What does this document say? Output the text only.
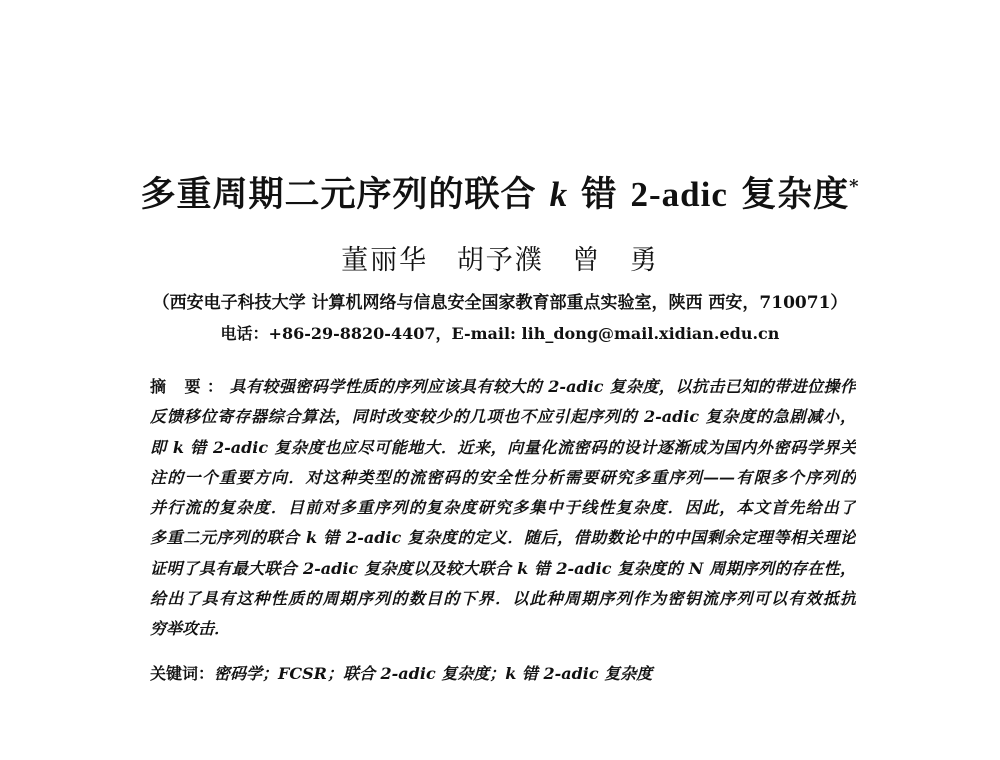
多重周期二元序列的联合 k 错 2-adic 复杂度*
董丽华 胡予濮 曾 勇
（西安电子科技大学 计算机网络与信息安全国家教育部重点实验室，陕西 西安，710071）
电话：+86-29-8820-4407，E-mail: lih_dong@mail.xidian.edu.cn
摘 要：具有较强密码学性质的序列应该具有较大的 2-adic 复杂度，以抗击已知的带进位操作
反馈移位寄存器综合算法，同时改变较少的几项也不应引起序列的 2-adic 复杂度的急剧减小，
即 k 错 2-adic 复杂度也应尽可能地大．近来，向量化流密码的设计逐渐成为国内外密码学界关
注的一个重要方向．对这种类型的流密码的安全性分析需要研究多重序列——有限多个序列的
并行流的复杂度．目前对多重序列的复杂度研究多集中于线性复杂度．因此，本文首先给出了
多重二元序列的联合 k 错 2-adic 复杂度的定义．随后，借助数论中的中国剩余定理等相关理论
证明了具有最大联合 2-adic 复杂度以及较大联合 k 错 2-adic 复杂度的 N 周期序列的存在性，
给出了具有这种性质的周期序列的数目的下界．以此种周期序列作为密钥流序列可以有效抵抗
穷举攻击．
关键词：密码学；FCSR；联合 2-adic 复杂度；k 错 2-adic 复杂度
